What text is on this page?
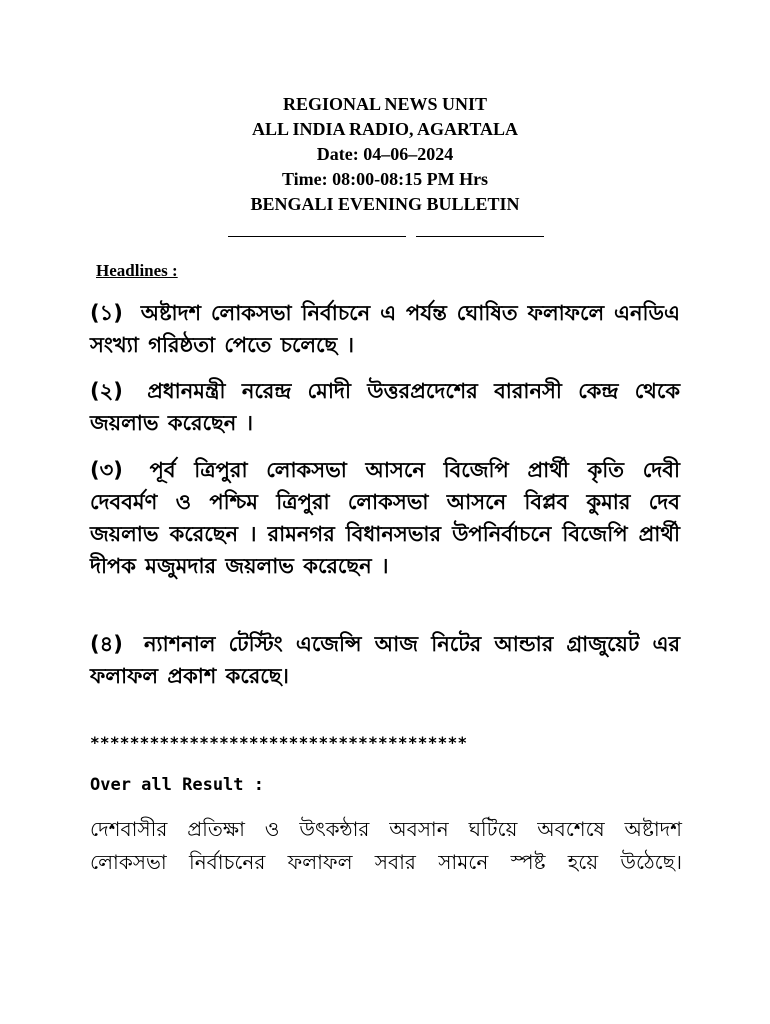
REGIONAL NEWS UNIT
ALL INDIA RADIO, AGARTALA
Date: 04–06–2024
Time: 08:00-08:15 PM Hrs
BENGALI EVENING BULLETIN
Headlines :
(১) অষ্টাদশ লোকসভা নির্বাচনে এ পর্যন্ত ঘোষিত ফলাফলে এনডিএ সংখ্যা গরিষ্ঠতা পেতে চলেছে ।
(২) প্রধানমন্ত্রী নরেন্দ্র মোদী উত্তরপ্রদেশের বারানসী কেন্দ্র থেকে জয়লাভ করেছেন ।
(৩) পূর্ব ত্রিপুরা লোকসভা আসনে বিজেপি প্রার্থী কৃতি দেবী দেববর্মণ ও পশ্চিম ত্রিপুরা লোকসভা আসনে বিপ্লব কুমার দেব জয়লাভ করেছেন । রামনগর বিধানসভার উপনির্বাচনে বিজেপি প্রার্থী দীপক মজুমদার জয়লাভ করেছেন ।
(৪) ন্যাশনাল টেস্টিং এজেন্সি আজ নিটের আন্ডার গ্রাজুয়েট এর ফলাফল প্রকাশ করেছে।
**************************************
Over all Result :
দেশবাসীর প্রতিক্ষা ও উৎকন্ঠার অবসান ঘটিয়ে অবশেষে অষ্টাদশ লোকসভা নির্বাচনের ফলাফল সবার সামনে স্পষ্ট হয়ে উঠেছে।
